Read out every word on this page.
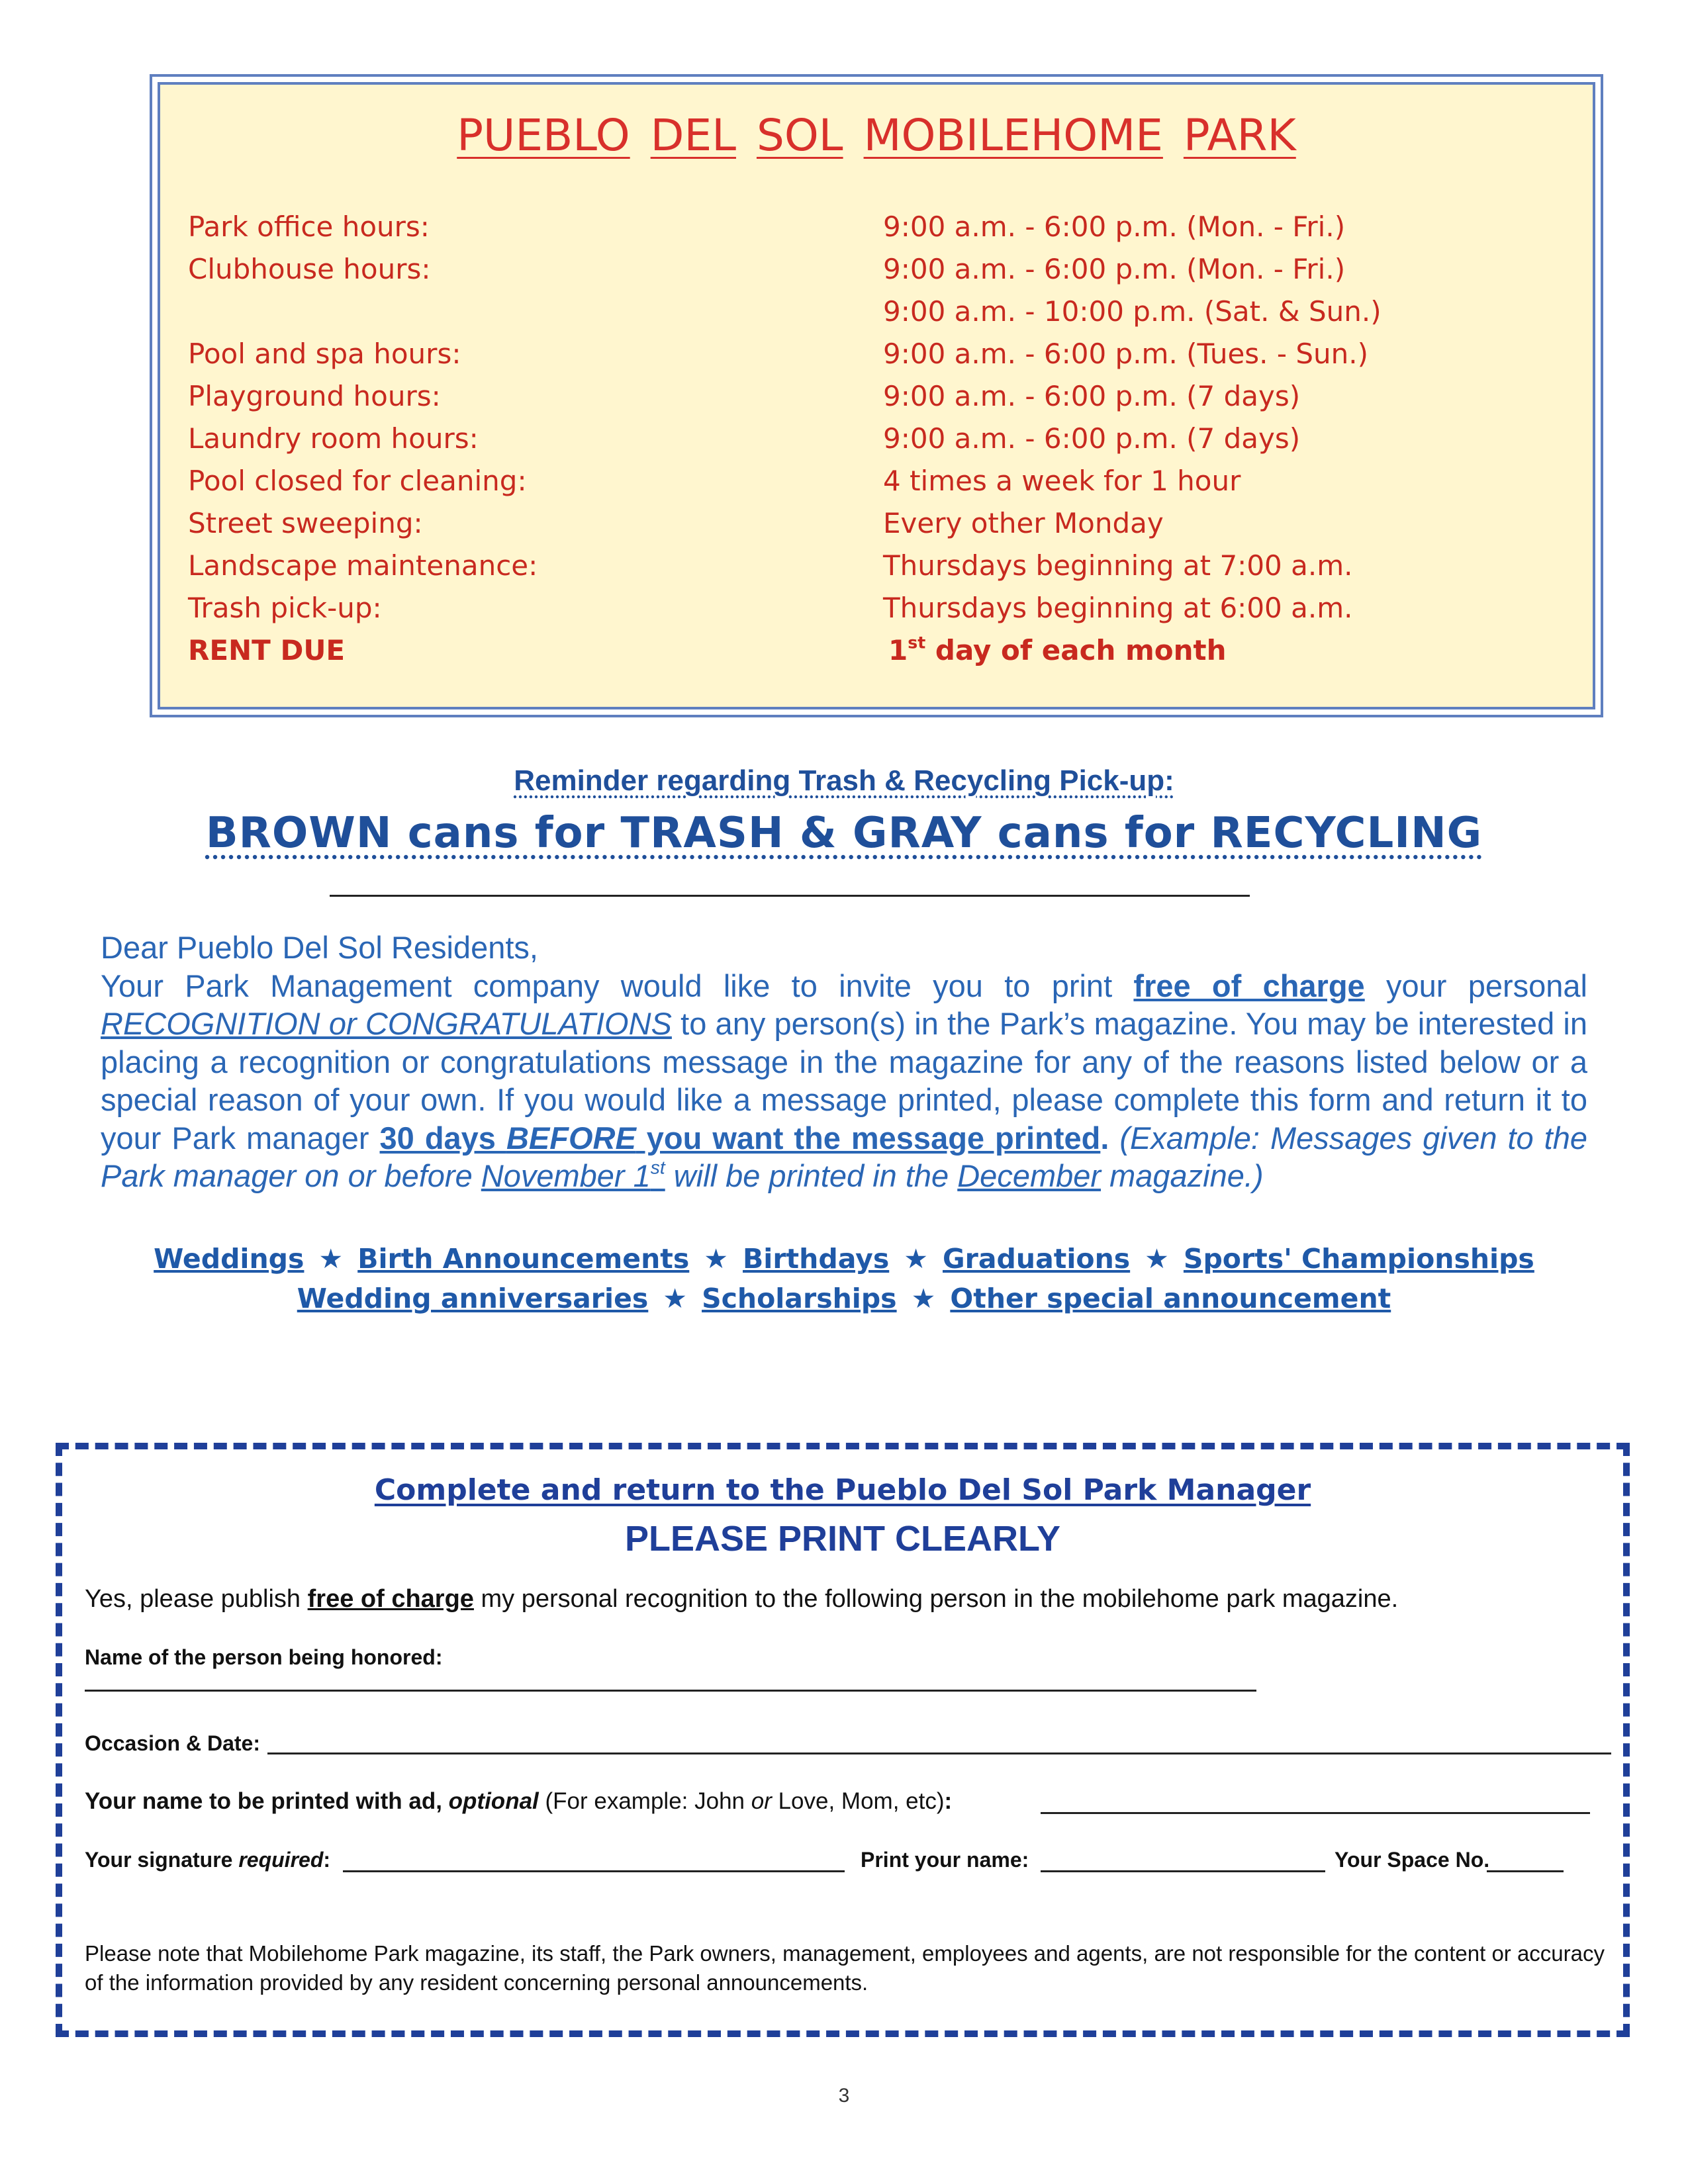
PUEBLO DEL SOL MOBILEHOME PARK
Park office hours:	9:00 a.m. - 6:00 p.m. (Mon. - Fri.)
Clubhouse hours:	9:00 a.m. - 6:00 p.m. (Mon. - Fri.)
9:00 a.m. - 10:00 p.m. (Sat. & Sun.)
Pool and spa hours:	9:00 a.m. - 6:00 p.m. (Tues. - Sun.)
Playground hours:	9:00 a.m. - 6:00 p.m. (7 days)
Laundry room hours:	9:00 a.m. - 6:00 p.m. (7 days)
Pool closed for cleaning:	4 times a week for 1 hour
Street sweeping:	Every other Monday
Landscape maintenance:	Thursdays beginning at 7:00 a.m.
Trash pick-up:	Thursdays beginning at 6:00 a.m.
RENT DUE	1st day of each month
Reminder regarding Trash & Recycling Pick-up:
BROWN cans for TRASH & GRAY cans for RECYCLING

Dear Pueblo Del Sol Residents,

Your Park Management company would like to invite you to print free of charge your personal RECOGNITION or CONGRATULATIONS to any person(s) in the Park’s magazine. You may be interested in placing a recognition or congratulations message in the magazine for any of the reasons listed below or a special reason of your own. If you would like a message printed, please complete this form and return it to your Park manager 30 days BEFORE you want the message printed. (Example: Messages given to the Park manager on or before November 1st will be printed in the December magazine.)

Weddings ★ Birth Announcements ★ Birthdays ★ Graduations ★ Sports' Championships
Wedding anniversaries ★ Scholarships ★ Other special announcement
Complete and return to the Pueblo Del Sol Park Manager
PLEASE PRINT CLEARLY
Yes, please publish free of charge my personal recognition to the following person in the mobilehome park magazine.
Name of the person being honored:
Occasion & Date:
Your name to be printed with ad, optional (For example: John or Love, Mom, etc):
Your signature required:	Print your name:	Your Space No.
Please note that Mobilehome Park magazine, its staff, the Park owners, management, employees and agents, are not responsible for the content or accuracy of the information provided by any resident concerning personal announcements.
3
